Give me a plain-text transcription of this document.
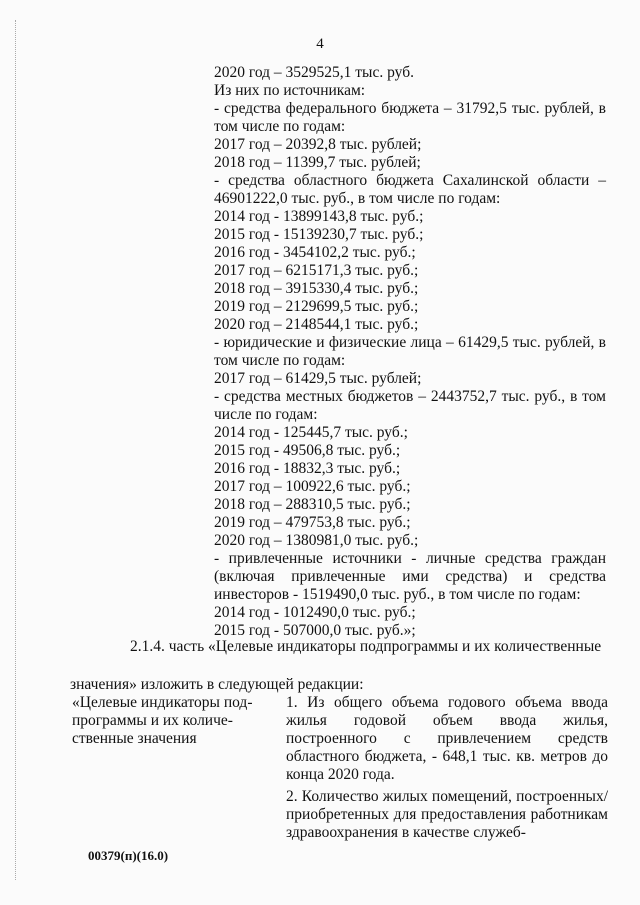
4
2020 год – 3529525,1 тыс. руб.
Из них по источникам:
- средства федерального бюджета – 31792,5 тыс. рублей, в том числе по годам:
2017 год – 20392,8 тыс. рублей;
2018 год – 11399,7 тыс. рублей;
- средства областного бюджета Сахалинской области – 46901222,0 тыс. руб., в том числе по годам:
2014 год - 13899143,8 тыс. руб.;
2015 год - 15139230,7 тыс. руб.;
2016 год - 3454102,2 тыс. руб.;
2017 год – 6215171,3 тыс. руб.;
2018 год – 3915330,4 тыс. руб.;
2019 год – 2129699,5 тыс. руб.;
2020 год – 2148544,1 тыс. руб.;
- юридические и физические лица – 61429,5 тыс. рублей, в том числе по годам:
2017 год – 61429,5 тыс. рублей;
- средства местных бюджетов – 2443752,7 тыс. руб., в том числе по годам:
2014 год - 125445,7 тыс. руб.;
2015 год - 49506,8 тыс. руб.;
2016 год - 18832,3 тыс. руб.;
2017 год – 100922,6 тыс. руб.;
2018 год – 288310,5 тыс. руб.;
2019 год – 479753,8 тыс. руб.;
2020 год – 1380981,0 тыс. руб.;
- привлеченные источники - личные средства граждан (включая привлеченные ими средства) и средства инвесторов - 1519490,0 тыс. руб., в том числе по годам:
2014 год - 1012490,0 тыс. руб.;
2015 год - 507000,0 тыс. руб.»;
2.1.4. часть «Целевые индикаторы подпрограммы и их количественные
значения» изложить в следующей редакции:
«Целевые индикаторы под-
программы и их количе-
ственные значения
1. Из общего объема годового объема ввода жилья годовой объем ввода жилья, построенного с привлечением средств областного бюджета, - 648,1 тыс. кв. метров до конца 2020 года.
2. Количество жилых помещений, построенных/приобретенных для предоставления работникам здравоохранения в качестве служеб-
00379(п)(16.0)
